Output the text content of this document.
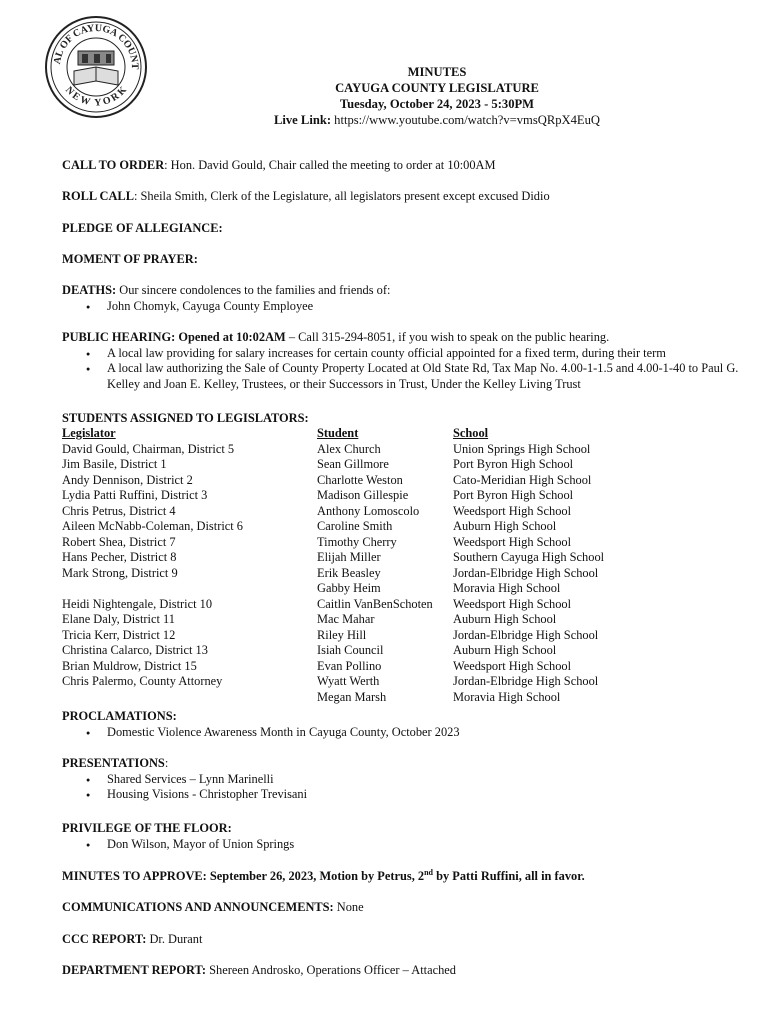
AL OF CAYUGA COUNT
NEW YORK
MINUTES
CAYUGA COUNTY LEGISLATURE
Tuesday, October 24, 2023 - 5:30PM
Live Link: https://www.youtube.com/watch?v=vmsQRpX4EuQ
CALL TO ORDER: Hon. David Gould, Chair called the meeting to order at 10:00AM
ROLL CALL: Sheila Smith, Clerk of the Legislature, all legislators present except excused Didio
PLEDGE OF ALLEGIANCE:
MOMENT OF PRAYER:
DEATHS: Our sincere condolences to the families and friends of:
● John Chomyk, Cayuga County Employee
PUBLIC HEARING: Opened at 10:02AM – Call 315-294-8051, if you wish to speak on the public hearing.
● A local law providing for salary increases for certain county official appointed for a fixed term, during their term
● A local law authorizing the Sale of County Property Located at Old State Rd, Tax Map No. 4.00-1-1.5 and 4.00-1-40 to Paul G. Kelley and Joan E. Kelley, Trustees, or their Successors in Trust, Under the Kelley Living Trust
STUDENTS ASSIGNED TO LEGISLATORS:
Legislator
David Gould, Chairman, District 5
Jim Basile, District 1
Andy Dennison, District 2
Lydia Patti Ruffini, District 3
Chris Petrus, District 4
Aileen McNabb-Coleman, District 6
Robert Shea, District 7
Hans Pecher, District 8
Mark Strong, District 9

Heidi Nightengale, District 10
Elane Daly, District 11
Tricia Kerr, District 12
Christina Calarco, District 13
Brian Muldrow, District 15
Chris Palermo, County Attorney
Student
Alex Church
Sean Gillmore
Charlotte Weston
Madison Gillespie
Anthony Lomoscolo
Caroline Smith
Timothy Cherry
Elijah Miller
Erik Beasley
Gabby Heim
Caitlin VanBenSchoten
Mac Mahar
Riley Hill
Isiah Council
Evan Pollino
Wyatt Werth
Megan Marsh
School
Union Springs High School
Port Byron High School
Cato-Meridian High School
Port Byron High School
Weedsport High School
Auburn High School
Weedsport High School
Southern Cayuga High School
Jordan-Elbridge High School
Moravia High School
Weedsport High School
Auburn High School
Jordan-Elbridge High School
Auburn High School
Weedsport High School
Jordan-Elbridge High School
Moravia High School
PROCLAMATIONS:
● Domestic Violence Awareness Month in Cayuga County, October 2023
PRESENTATIONS:
● Shared Services – Lynn Marinelli
● Housing Visions - Christopher Trevisani
PRIVILEGE OF THE FLOOR:
● Don Wilson, Mayor of Union Springs
MINUTES TO APPROVE: September 26, 2023, Motion by Petrus, 2nd by Patti Ruffini, all in favor.
COMMUNICATIONS AND ANNOUNCEMENTS: None
CCC REPORT: Dr. Durant
DEPARTMENT REPORT: Shereen Androsko, Operations Officer – Attached
